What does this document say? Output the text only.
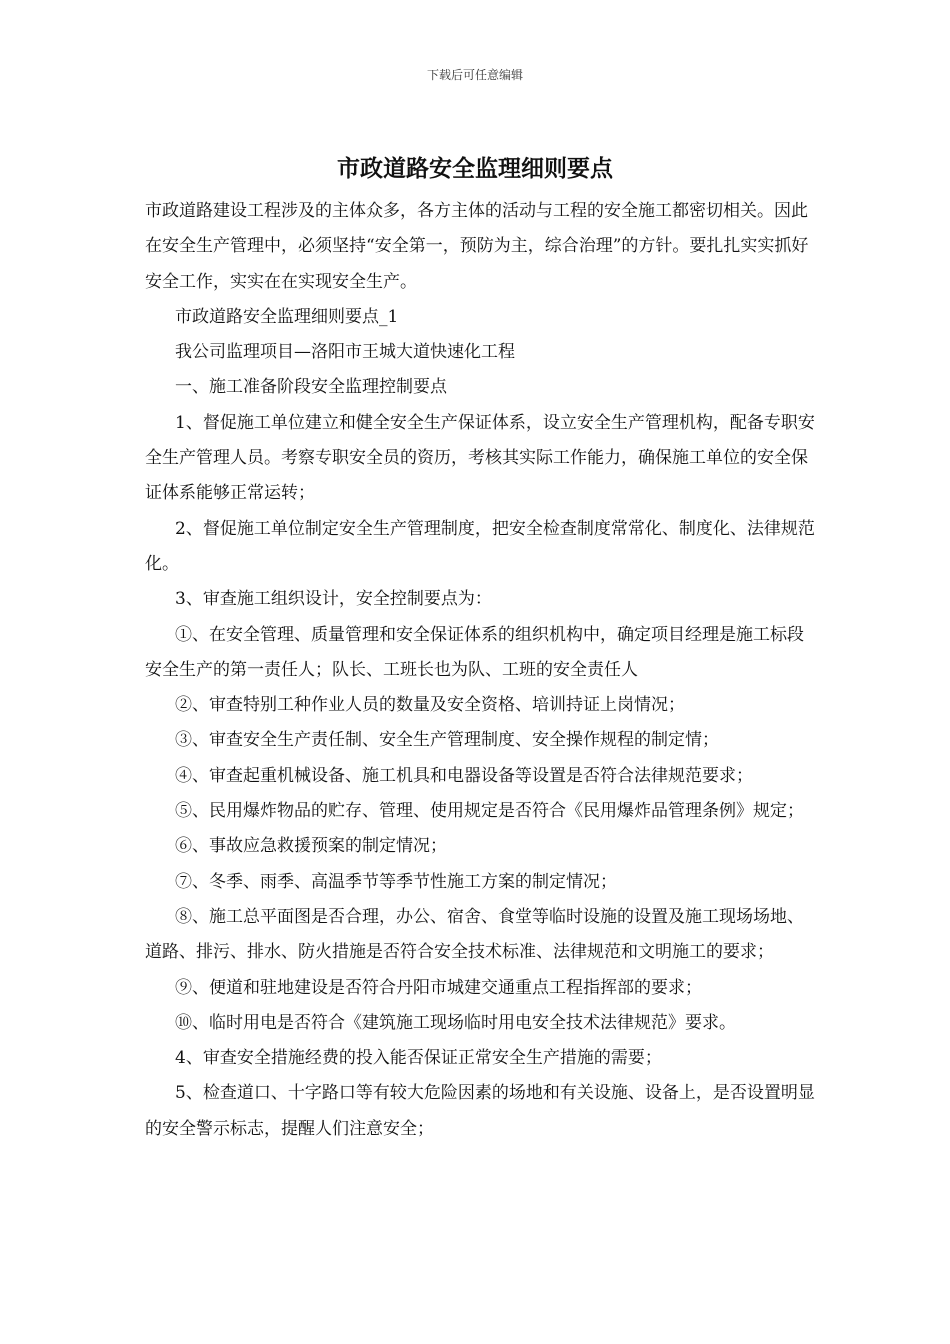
下载后可任意编辑
市政道路安全监理细则要点

市政道路建设工程涉及的主体众多，各方主体的活动与工程的安全施工都密切相关。因此在安全生产管理中，必须坚持“安全第一，预防为主，综合治理”的方针。要扎扎实实抓好安全工作，实实在在实现安全生产。

市政道路安全监理细则要点_1

我公司监理项目—洛阳市王城大道快速化工程

一、施工准备阶段安全监理控制要点

1、督促施工单位建立和健全安全生产保证体系，设立安全生产管理机构，配备专职安全生产管理人员。考察专职安全员的资历，考核其实际工作能力，确保施工单位的安全保证体系能够正常运转；

2、督促施工单位制定安全生产管理制度，把安全检查制度常常化、制度化、法律规范化。

3、审查施工组织设计，安全控制要点为：

①、在安全管理、质量管理和安全保证体系的组织机构中，确定项目经理是施工标段安全生产的第一责任人；队长、工班长也为队、工班的安全责任人

②、审查特别工种作业人员的数量及安全资格、培训持证上岗情况；

③、审查安全生产责任制、安全生产管理制度、安全操作规程的制定情；

④、审查起重机械设备、施工机具和电器设备等设置是否符合法律规范要求；

⑤、民用爆炸物品的贮存、管理、使用规定是否符合《民用爆炸品管理条例》规定；

⑥、事故应急救援预案的制定情况；

⑦、冬季、雨季、高温季节等季节性施工方案的制定情况；

⑧、施工总平面图是否合理，办公、宿舍、食堂等临时设施的设置及施工现场场地、道路、排污、排水、防火措施是否符合安全技术标准、法律规范和文明施工的要求；

⑨、便道和驻地建设是否符合丹阳市城建交通重点工程指挥部的要求；

⑩、临时用电是否符合《建筑施工现场临时用电安全技术法律规范》要求。

4、审查安全措施经费的投入能否保证正常安全生产措施的需要；

5、检查道口、十字路口等有较大危险因素的场地和有关设施、设备上，是否设置明显的安全警示标志，提醒人们注意安全；
